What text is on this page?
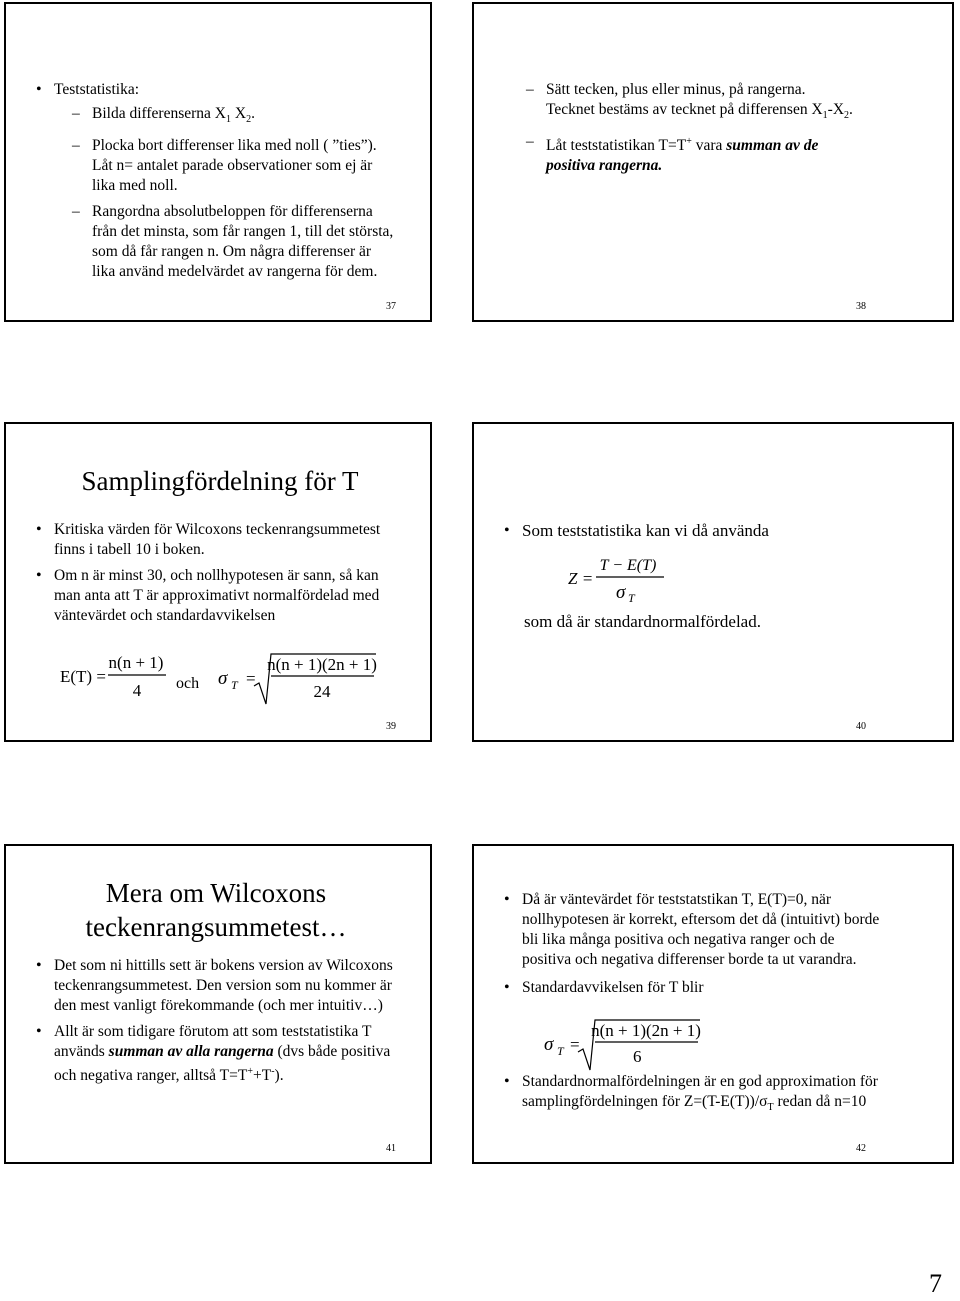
• Teststatistika:
– Bilda differenserna $X_1$ $X_2$.
– Plocka bort differenser lika med noll ( ”ties”). Låt n= antalet parade observationer som ej är lika med noll.
– Rangordna absolutbeloppen för differenserna från det minsta, som får rangen 1, till det största, som då får rangen n. Om några differenser är lika använd medelvärdet av rangerna för dem.
37
– Sätt tecken, plus eller minus, på rangerna. Tecknet bestäms av tecknet på differensen $X_1-X_2$.
– Låt teststatistikan T=T+ vara summan av de positiva rangerna.
38
Samplingfördelning för T
• Kritiska värden för Wilcoxons teckenrangsummetest finns i tabell 10 i boken.
• Om n är minst 30, och nollhypotesen är sann, så kan man anta att T är approximativt normalfördelad med väntevärdet och standardavvikelsen
E(T) =
n(n + 1)
4 och σ T =
n(n + 1)(2n + 1)
24
39
• Som teststatistika kan vi då använda
Z =
T − E(T)
σ T
som då är standardnormalfördelad.
40
Mera om Wilcoxons teckenrangsummetest…
• Det som ni hittills sett är bokens version av Wilcoxons teckenrangsummetest. Den version som nu kommer är den mest vanligt förekommande (och mer intuitiv…)
• Allt är som tidigare förutom att som teststatistika T används summan av alla rangerna (dvs både positiva och negativa ranger, alltså T=T++T-).
41
• Då är väntevärdet för teststatstikan T, E(T)=0, när nollhypotesen är korrekt, eftersom det då (intuitivt) borde bli lika många positiva och negativa ranger och de positiva och negativa differenser borde ta ut varandra.
• Standardavvikelsen för T blir
σ T =
n(n + 1)(2n + 1)
6
• Standardnormalfördelningen är en god approximation för samplingfördelningen för $Z=(T-E(T))/\sigma_T$ redan då n=10
42
7
